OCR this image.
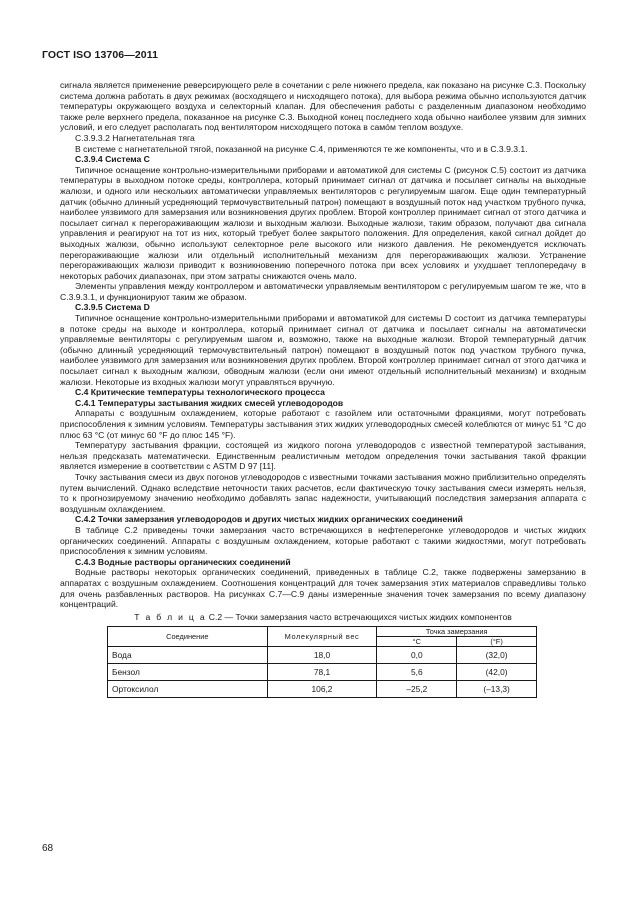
ГОСТ ISO 13706—2011

сигнала является применение реверсирующего реле в сочетании с реле нижнего предела, как показано на рисунке С.3. Поскольку система должна работать в двух режимах (восходящего и нисходящего потока), для выбора режима обычно используются датчик температуры окружающего воздуха и селекторный клапан. Для обеспечения работы с разделенным диапазоном необходимо также реле верхнего предела, показанное на рисунке С.3. Выходной конец последнего хода обычно наиболее уязвим для зимних условий, и его следует располагать под вентилятором нисходящего потока в самóм теплом воздухе.

С.3.9.3.2 Нагнетательная тяга

В системе с нагнетательной тягой, показанной на рисунке С.4, применяются те же компоненты, что и в С.3.9.3.1.

С.3.9.4 Система С

Типичное оснащение контрольно-измерительными приборами и автоматикой для системы С (рисунок С.5) состоит из датчика температуры в выходном потоке среды, контроллера, который принимает сигнал от датчика и посылает сигналы на выходные жалюзи, и одного или нескольких автоматически управляемых вентиляторов с регулируемым шагом. Еще один температурный датчик (обычно длинный усредняющий термочувствительный патрон) помещают в воздушный поток над участком трубного пучка, наиболее уязвимого для замерзания или возникновения других проблем. Второй контроллер принимает сигнал от этого датчика и посылает сигнал к перегораживающим жалюзи и выходным жалюзи. Выходные жалюзи, таким образом, получают два сигнала управления и реагируют на тот из них, который требует более закрытого положения. Для определения, какой сигнал дойдет до выходных жалюзи, обычно используют селекторное реле высокого или низкого давления. Не рекомендуется исключать перегораживающие жалюзи или отдельный исполнительный механизм для перегораживающих жалюзи. Устранение перегораживающих жалюзи приводит к возникновению поперечного потока при всех условиях и ухудшает теплопередачу в некоторых рабочих диапазонах, при этом затраты снижаются очень мало.

Элементы управления между контроллером и автоматически управляемым вентилятором с регулируемым шагом те же, что в С.3.9.3.1, и функционируют таким же образом.

С.3.9.5 Система D

Типичное оснащение контрольно-измерительными приборами и автоматикой для системы D состоит из датчика температуры в потоке среды на выходе и контроллера, который принимает сигнал от датчика и посылает сигналы на автоматически управляемые вентиляторы с регулируемым шагом и, возможно, также на выходные жалюзи. Второй температурный датчик (обычно длинный усредняющий термочувствительный патрон) помещают в воздушный поток под участком трубного пучка, наиболее уязвимого для замерзания или возникновения других проблем. Второй контроллер принимает сигнал от этого датчика и посылает сигнал к выходным жалюзи, обводным жалюзи (если они имеют отдельный исполнительный механизм) и входным жалюзи. Некоторые из входных жалюзи могут управляться вручную.

С.4 Критические температуры технологического процесса

С.4.1 Температуры застывания жидких смесей углеводородов

Аппараты с воздушным охлаждением, которые работают с газойлем или остаточными фракциями, могут потребовать приспособления к зимним условиям. Температуры застывания этих жидких углеводородных смесей колеблются от минус 51 °С до плюс 63 °С (от минус 60 °F до плюс 145 °F).

Температуру застывания фракции, состоящей из жидкого погона углеводородов с известной температурой застывания, нельзя предсказать математически. Единственным реалистичным методом определения точки застывания такой фракции является измерение в соответствии с ASTM D 97 [11].

Точку застывания смеси из двух погонов углеводородов с известными точками застывания можно приблизительно определять путем вычислений. Однако вследствие неточности таких расчетов, если фактическую точку застывания смеси измерять нельзя, то к прогнозируемому значению необходимо добавлять запас надежности, учитывающий последствия замерзания аппарата с воздушным охлаждением.

С.4.2 Точки замерзания углеводородов и других чистых жидких органических соединений

В таблице С.2 приведены точки замерзания часто встречающихся в нефтеперегонке углеводородов и чистых жидких органических соединений. Аппараты с воздушным охлаждением, которые работают с такими жидкостями, могут потребовать приспособления к зимним условиям.

С.4.3 Водные растворы органических соединений

Водные растворы некоторых органических соединений, приведенных в таблице С.2, также подвержены замерзанию в аппаратах с воздушным охлаждением. Соотношения концентраций для точек замерзания этих материалов справедливы только для очень разбавленных растворов. На рисунках С.7—С.9 даны измеренные значения точек замерзания по всему диапазону концентраций.

Т а б л и ц а С.2 — Точки замерзания часто встречающихся чистых жидких компонентов
Соединение	Молекулярный вес	Точка замерзания	
		°С	(°F)
Вода	18,0	0,0	(32,0)
Бензол	78,1	5,6	(42,0)
Ортоксилол	106,2	–25,2	(–13,3)
68
